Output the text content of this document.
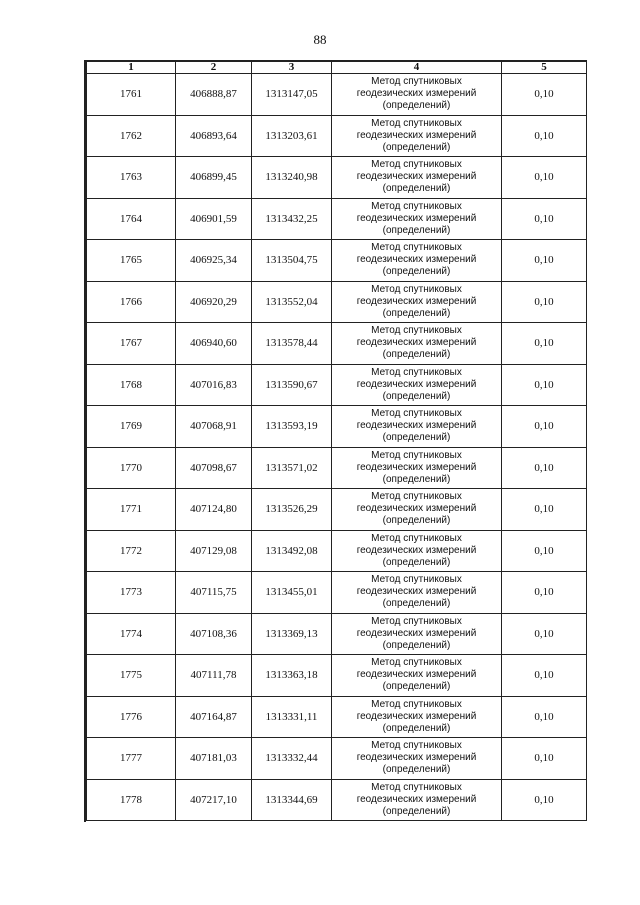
88
1	2	3	4	5
1761	406888,87	1313147,05	Метод спутниковых
геодезических измерений
(определений)	0,10
1762	406893,64	1313203,61	Метод спутниковых
геодезических измерений
(определений)	0,10
1763	406899,45	1313240,98	Метод спутниковых
геодезических измерений
(определений)	0,10
1764	406901,59	1313432,25	Метод спутниковых
геодезических измерений
(определений)	0,10
1765	406925,34	1313504,75	Метод спутниковых
геодезических измерений
(определений)	0,10
1766	406920,29	1313552,04	Метод спутниковых
геодезических измерений
(определений)	0,10
1767	406940,60	1313578,44	Метод спутниковых
геодезических измерений
(определений)	0,10
1768	407016,83	1313590,67	Метод спутниковых
геодезических измерений
(определений)	0,10
1769	407068,91	1313593,19	Метод спутниковых
геодезических измерений
(определений)	0,10
1770	407098,67	1313571,02	Метод спутниковых
геодезических измерений
(определений)	0,10
1771	407124,80	1313526,29	Метод спутниковых
геодезических измерений
(определений)	0,10
1772	407129,08	1313492,08	Метод спутниковых
геодезических измерений
(определений)	0,10
1773	407115,75	1313455,01	Метод спутниковых
геодезических измерений
(определений)	0,10
1774	407108,36	1313369,13	Метод спутниковых
геодезических измерений
(определений)	0,10
1775	407111,78	1313363,18	Метод спутниковых
геодезических измерений
(определений)	0,10
1776	407164,87	1313331,11	Метод спутниковых
геодезических измерений
(определений)	0,10
1777	407181,03	1313332,44	Метод спутниковых
геодезических измерений
(определений)	0,10
1778	407217,10	1313344,69	Метод спутниковых
геодезических измерений
(определений)	0,10
